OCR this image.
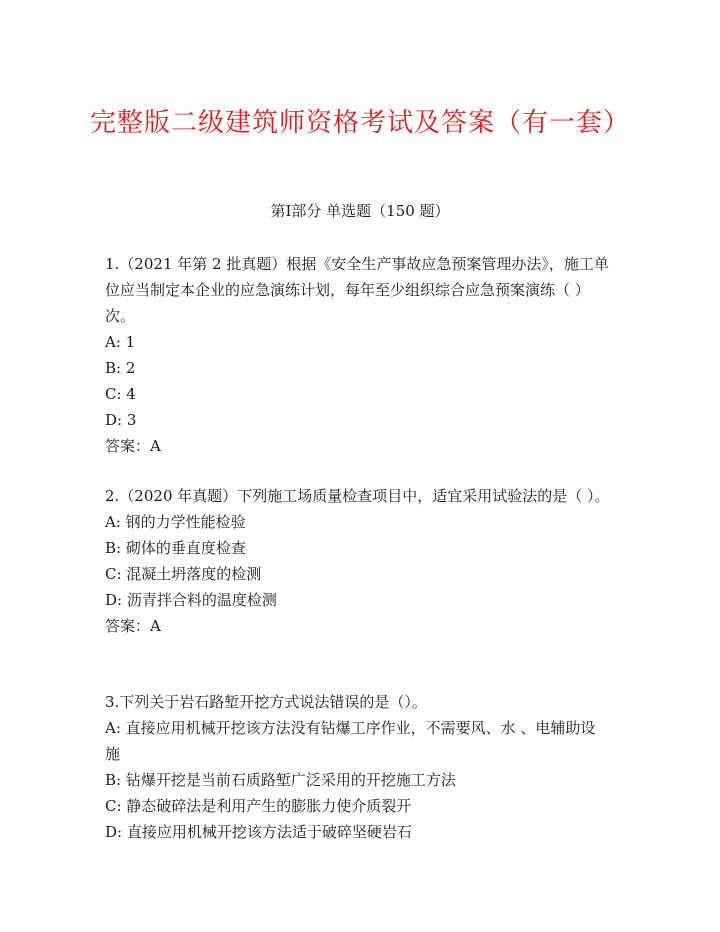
完整版二级建筑师资格考试及答案（有一套）
第Ⅰ部分 单选题（150 题）

1.（2021 年第 2 批真题）根据《安全生产事故应急预案管理办法》，施工单位应当制定本企业的应急演练计划，每年至少组织综合应急预案演练（ ）次。

A: 1

B: 2

C: 4

D: 3

答案：A

2.（2020 年真题）下列施工场质量检查项目中，适宜采用试验法的是（ ）。

A: 钢的力学性能检验

B: 砌体的垂直度检查

C: 混凝土坍落度的检测

D: 沥青拌合料的温度检测

答案：A

3.下列关于岩石路堑开挖方式说法错误的是（）。

A: 直接应用机械开挖该方法没有钻爆工序作业，不需要风、水 、电辅助设施

B: 钻爆开挖是当前石质路堑广泛采用的开挖施工方法

C: 静态破碎法是利用产生的膨胀力使介质裂开

D: 直接应用机械开挖该方法适于破碎坚硬岩石
